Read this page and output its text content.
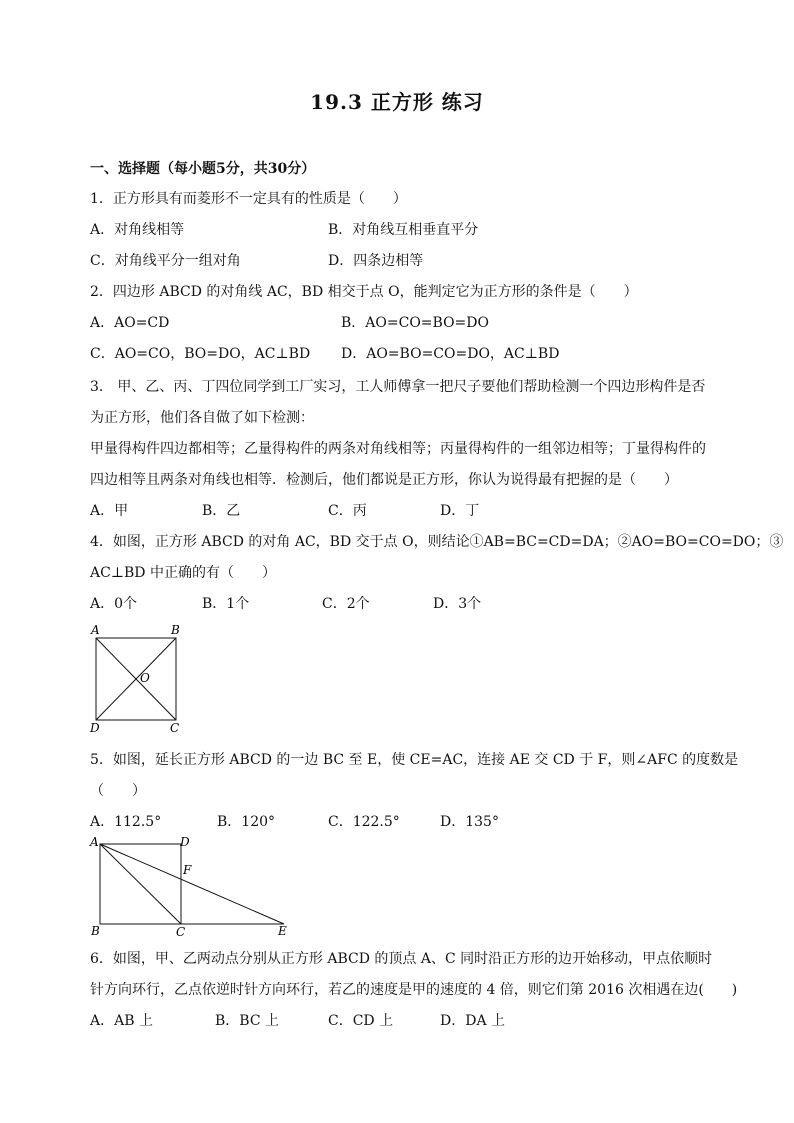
19.3 正方形 练习
一、选择题（每小题5分，共30分）
1．正方形具有而菱形不一定具有的性质是（　　）
A．对角线相等	B．对角线互相垂直平分
C．对角线平分一组对角	D．四条边相等
2．四边形 ABCD 的对角线 AC，BD 相交于点 O，能判定它为正方形的条件是（　　）
A．AO=CD	B．AO=CO=BO=DO
C．AO=CO，BO=DO，AC⊥BD D．AO=BO=CO=DO，AC⊥BD
3． 甲、乙、丙、丁四位同学到工厂实习，工人师傅拿一把尺子要他们帮助检测一个四边形构件是否
为正方形，他们各自做了如下检测：
甲量得构件四边都相等；乙量得构件的两条对角线相等；丙量得构件的一组邻边相等；丁量得构件的
四边相等且两条对角线也相等．检测后，他们都说是正方形，你认为说得最有把握的是（　　）
A．甲	B．乙	C．丙	D．丁
4．如图，正方形 ABCD 的对角 AC，BD 交于点 O，则结论①AB=BC=CD=DA；②AO=BO=CO=DO；③
AC⊥BD 中正确的有（　　）
A．0个	B．1个	C．2个	D．3个
A	B
C
D
O
5．如图，延长正方形 ABCD 的一边 BC 至 E，使 CE=AC，连接 AE 交 CD 于 F，则∠AFC 的度数是
（　　）
A．112.5°	B．120°	C．122.5°	D．135°
A	D
B	C	E
F
6．如图，甲、乙两动点分别从正方形 ABCD 的顶点 A、C 同时沿正方形的边开始移动，甲点依顺时
针方向环行，乙点依逆时针方向环行，若乙的速度是甲的速度的 4 倍，则它们第 2016 次相遇在边(　　)
A．AB 上	B．BC 上	C．CD 上	D．DA 上
